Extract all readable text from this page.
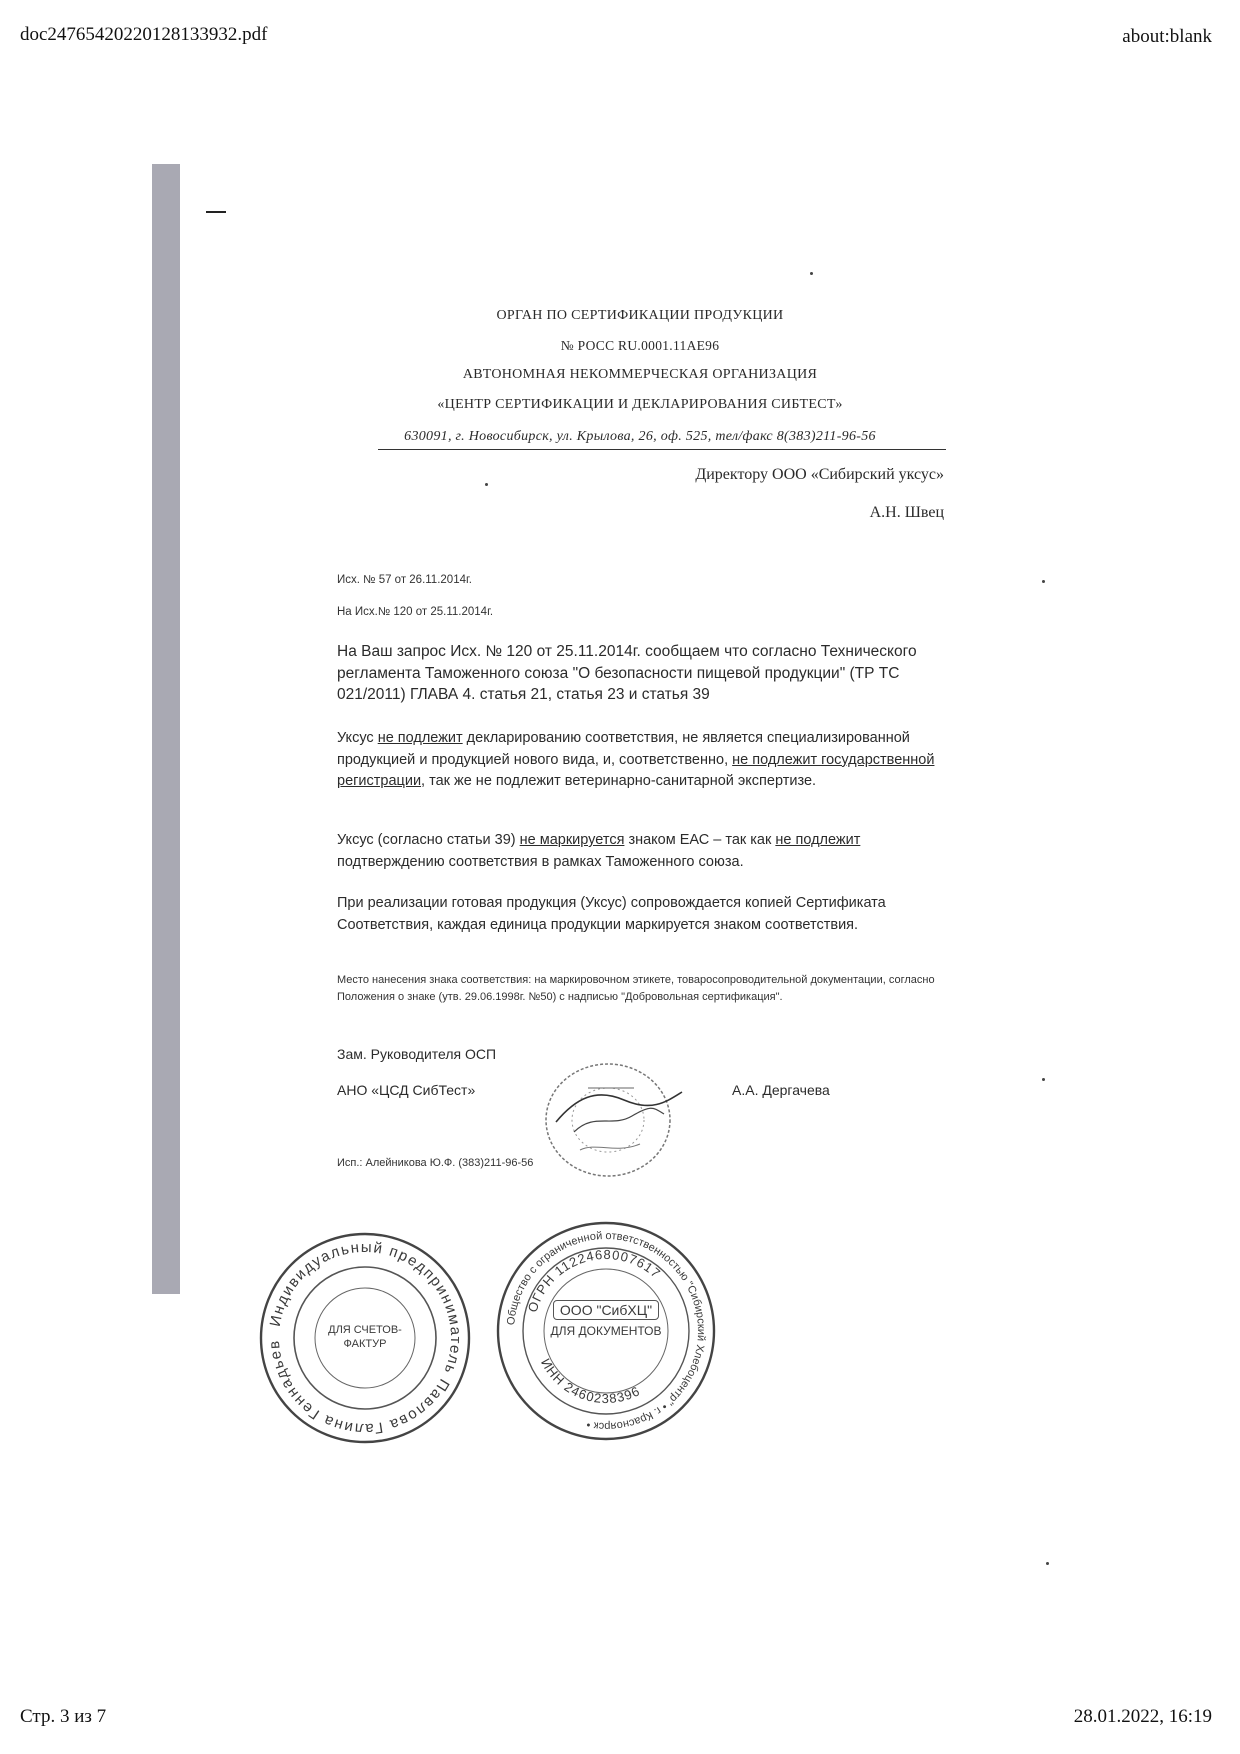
doc24765420220128133932.pdf	about:blank
Стр. 3 из 7	28.01.2022, 16:19
ОРГАН ПО СЕРТИФИКАЦИИ ПРОДУКЦИИ
№ РОСС RU.0001.11АЕ96
АВТОНОМНАЯ НЕКОММЕРЧЕСКАЯ ОРГАНИЗАЦИЯ
«ЦЕНТР СЕРТИФИКАЦИИ И ДЕКЛАРИРОВАНИЯ СИБТЕСТ»
630091, г. Новосибирск, ул. Крылова, 26, оф. 525, тел/факс 8(383)211-96-56
Директору ООО «Сибирский уксус»
А.Н. Швец
Исх. № 57 от 26.11.2014г.
На Исх.№ 120 от 25.11.2014г.
На Ваш запрос Исх. № 120 от 25.11.2014г. сообщаем что согласно Технического регламента Таможенного союза "О безопасности пищевой продукции" (ТР ТС 021/2011) ГЛАВА 4. статья 21, статья 23 и статья 39
Уксус не подлежит декларированию соответствия, не является специализированной продукцией и продукцией нового вида, и, соответственно, не подлежит государственной регистрации, так же не подлежит ветеринарно-санитарной экспертизе.
Уксус (согласно статьи 39) не маркируется знаком ЕАС – так как не подлежит подтверждению соответствия в рамках Таможенного союза.
При реализации готовая продукция (Уксус) сопровождается копией Сертификата Соответствия, каждая единица продукции маркируется знаком соответствия.
Место нанесения знака соответствия: на маркировочном этикете, товаросопроводительной документации, согласно Положения о знаке (утв. 29.06.1998г. №50) с надписью "Добровольная сертификация".
Зам. Руководителя ОСП
АНО «ЦСД СибТест»	А.А. Дергачева
Исп.: Алейникова Ю.Ф. (383)211-96-56
Индивидуальный предприниматель Павлова Галина Геннадьев
ДЛЯ СЧЕТОВ-ФАКТУР
Общество с ограниченной ответственностью "Сибирский Хлебоцентр" • г. Красноярск •
ОГРН 1122468007617
ИНН 2460238396
ООО "СибХЦ"
ДЛЯ ДОКУМЕНТОВ
